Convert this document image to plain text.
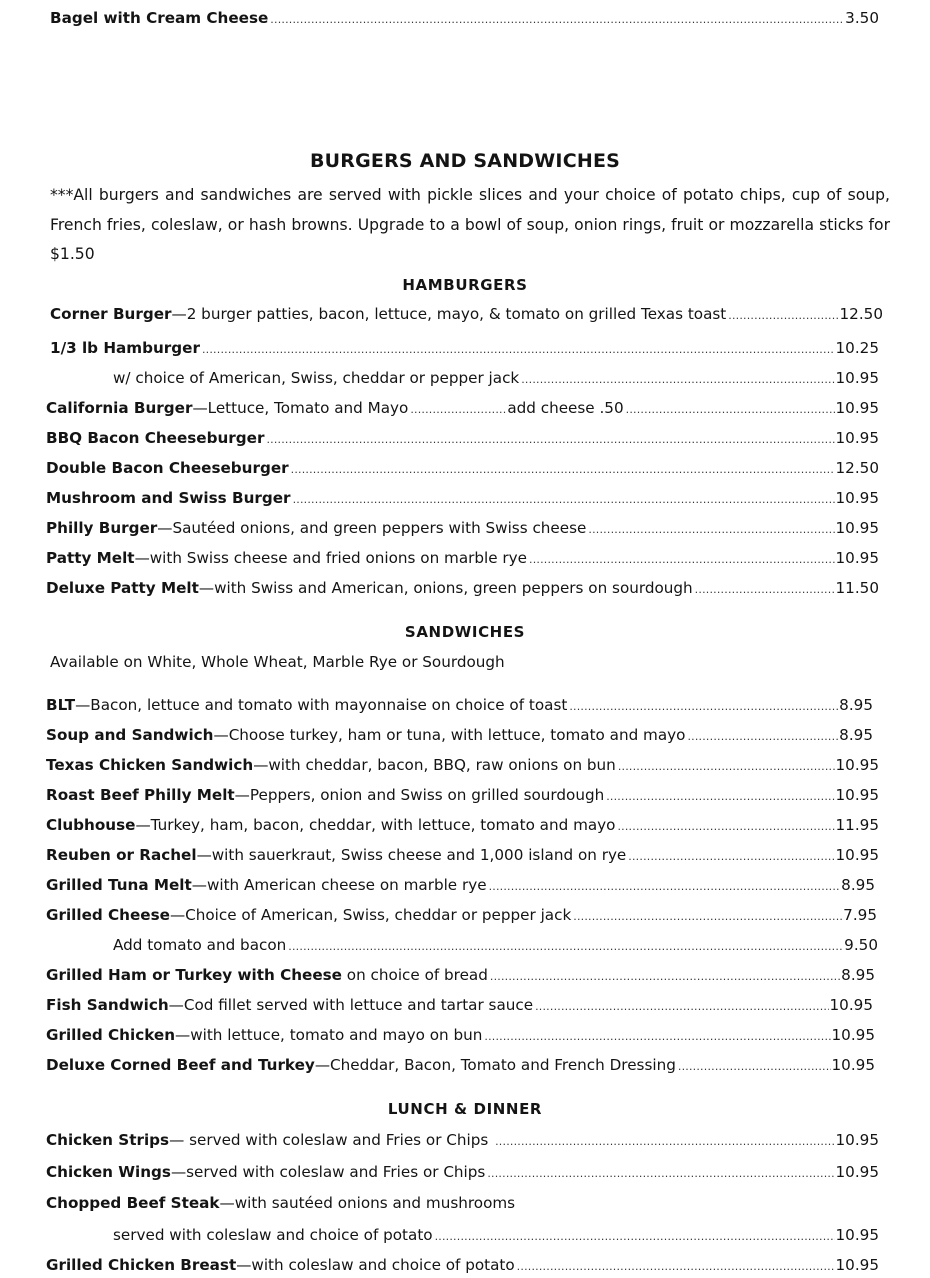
Bagel with Cream Cheese .....	3.50
BURGERS AND SANDWICHES
***All burgers and sandwiches are served with pickle slices and your choice of potato chips, cup of soup, French fries, coleslaw, or hash browns. Upgrade to a bowl of soup, onion rings, fruit or mozzarella sticks for $1.50
HAMBURGERS
Corner Burger —2 burger patties, bacon, lettuce, mayo, & tomato on grilled Texas toast .....	12.50
1/3 lb Hamburger .....	10.25
w/ choice of American, Swiss, cheddar or pepper jack .....	10.95
California Burger —Lettuce, Tomato and Mayo .....	add cheese .50 .....	10.95
BBQ Bacon Cheeseburger .....	10.95
Double Bacon Cheeseburger .....	12.50
Mushroom and Swiss Burger .....	10.95
Philly Burger —Sautéed onions, and green peppers with Swiss cheese .....	10.95
Patty Melt —with Swiss cheese and fried onions on marble rye .....	10.95
Deluxe Patty Melt —with Swiss and American, onions, green peppers on sourdough .....	11.50
SANDWICHES
Available on White, Whole Wheat, Marble Rye or Sourdough
BLT —Bacon, lettuce and tomato with mayonnaise on choice of toast .....	8.95
Soup and Sandwich —Choose turkey, ham or tuna, with lettuce, tomato and mayo .....	8.95
Texas Chicken Sandwich —with cheddar, bacon, BBQ, raw onions on bun .....	10.95
Roast Beef Philly Melt —Peppers, onion and Swiss on grilled sourdough .....	10.95
Clubhouse —Turkey, ham, bacon, cheddar, with lettuce, tomato and mayo .....	11.95
Reuben or Rachel —with sauerkraut, Swiss cheese and 1,000 island on rye .....	10.95
Grilled Tuna Melt —with American cheese on marble rye .....	8.95
Grilled Cheese —Choice of American, Swiss, cheddar or pepper jack .....	7.95
Add tomato and bacon .....	9.50
Grilled Ham or Turkey with Cheese on choice of bread .....	8.95
Fish Sandwich —Cod fillet served with lettuce and tartar sauce .....	10.95
Grilled Chicken —with lettuce, tomato and mayo on bun .....	10.95
Deluxe Corned Beef and Turkey —Cheddar, Bacon, Tomato and French Dressing .....	10.95
LUNCH & DINNER
Chicken Strips — served with coleslaw and Fries or Chips .....	10.95
Chicken Wings —served with coleslaw and Fries or Chips .....	10.95
Chopped Beef Steak —with sautéed onions and mushrooms
served with coleslaw and choice of potato .....	10.95
Grilled Chicken Breast —with coleslaw and choice of potato .....	10.95
